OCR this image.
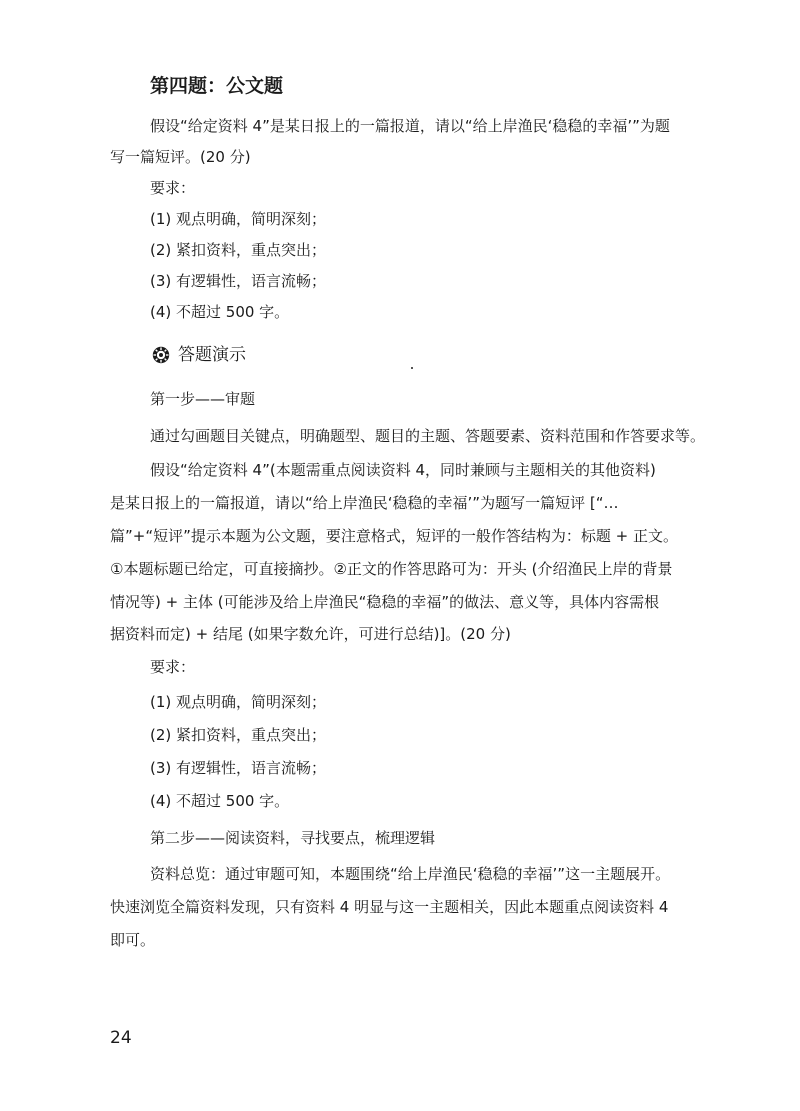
第四题：公文题
假设“给定资料 4”是某日报上的一篇报道，请以“给上岸渔民‘稳稳的幸福’”为题
写一篇短评。(20 分)
要求：
(1) 观点明确，简明深刻；
(2) 紧扣资料，重点突出；
(3) 有逻辑性，语言流畅；
(4) 不超过 500 字。
答题演示
第一步——审题
通过勾画题目关键点，明确题型、题目的主题、答题要素、资料范围和作答要求等。
假设“给定资料 4”(本题需重点阅读资料 4，同时兼顾与主题相关的其他资料)
是某日报上的一篇报道，请以“给上岸渔民‘稳稳的幸福’”为题写一篇短评 [“…
篇”+“短评”提示本题为公文题，要注意格式，短评的一般作答结构为：标题 + 正文。
①本题标题已给定，可直接摘抄。②正文的作答思路可为：开头 (介绍渔民上岸的背景
情况等) + 主体 (可能涉及给上岸渔民“稳稳的幸福”的做法、意义等，具体内容需根
据资料而定) + 结尾 (如果字数允许，可进行总结)]。(20 分)
要求：
(1) 观点明确，简明深刻；
(2) 紧扣资料，重点突出；
(3) 有逻辑性，语言流畅；
(4) 不超过 500 字。
第二步——阅读资料，寻找要点，梳理逻辑
资料总览：通过审题可知，本题围绕“给上岸渔民‘稳稳的幸福’”这一主题展开。
快速浏览全篇资料发现，只有资料 4 明显与这一主题相关，因此本题重点阅读资料 4
即可。
24
